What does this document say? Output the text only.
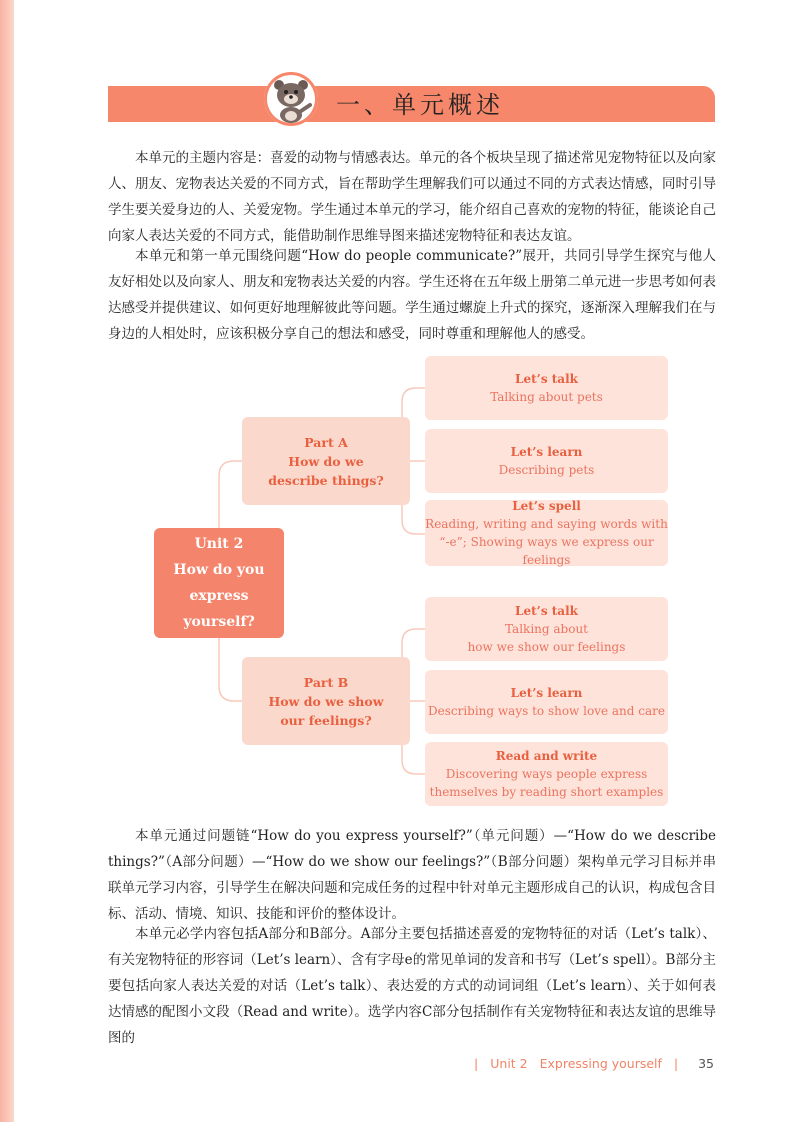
一、单元概述

本单元的主题内容是：喜爱的动物与情感表达。单元的各个板块呈现了描述常见宠物特征以及向家人、朋友、宠物表达关爱的不同方式，旨在帮助学生理解我们可以通过不同的方式表达情感，同时引导学生要关爱身边的人、关爱宠物。学生通过本单元的学习，能介绍自己喜欢的宠物的特征，能谈论自己向家人表达关爱的不同方式，能借助制作思维导图来描述宠物特征和表达友谊。

本单元和第一单元围绕问题“How do people communicate?”展开，共同引导学生探究与他人友好相处以及向家人、朋友和宠物表达关爱的内容。学生还将在五年级上册第二单元进一步思考如何表达感受并提供建议、如何更好地理解彼此等问题。学生通过螺旋上升式的探究，逐渐深入理解我们在与身边的人相处时，应该积极分享自己的想法和感受，同时尊重和理解他人的感受。

Unit 2
How do you
express yourself?
Part A
How do we
describe things?
Part B
How do we show
our feelings?
Let’s talk
Talking about pets
Let’s learn
Describing pets
Let’s spell
Reading, writing and saying words with
“-e”; Showing ways we express our feelings
Let’s talk
Talking about
how we show our feelings
Let’s learn
Describing ways to show love and care
Read and write
Discovering ways people express
themselves by reading short examples

本单元通过问题链“How do you express yourself?”（单元问题）—“How do we describe things?”（A部分问题）—“How do we show our feelings?”（B部分问题）架构单元学习目标并串联单元学习内容，引导学生在解决问题和完成任务的过程中针对单元主题形成自己的认识，构成包含目标、活动、情境、知识、技能和评价的整体设计。

本单元必学内容包括A部分和B部分。A部分主要包括描述喜爱的宠物特征的对话（Let’s talk）、有关宠物特征的形容词（Let’s learn）、含有字母e的常见单词的发音和书写（Let’s spell）。B部分主要包括向家人表达关爱的对话（Let’s talk）、表达爱的方式的动词词组（Let’s learn）、关于如何表达情感的配图小文段（Read and write）。选学内容C部分包括制作有关宠物特征和表达友谊的思维导图的

| Unit 2 Expressing yourself | 35
